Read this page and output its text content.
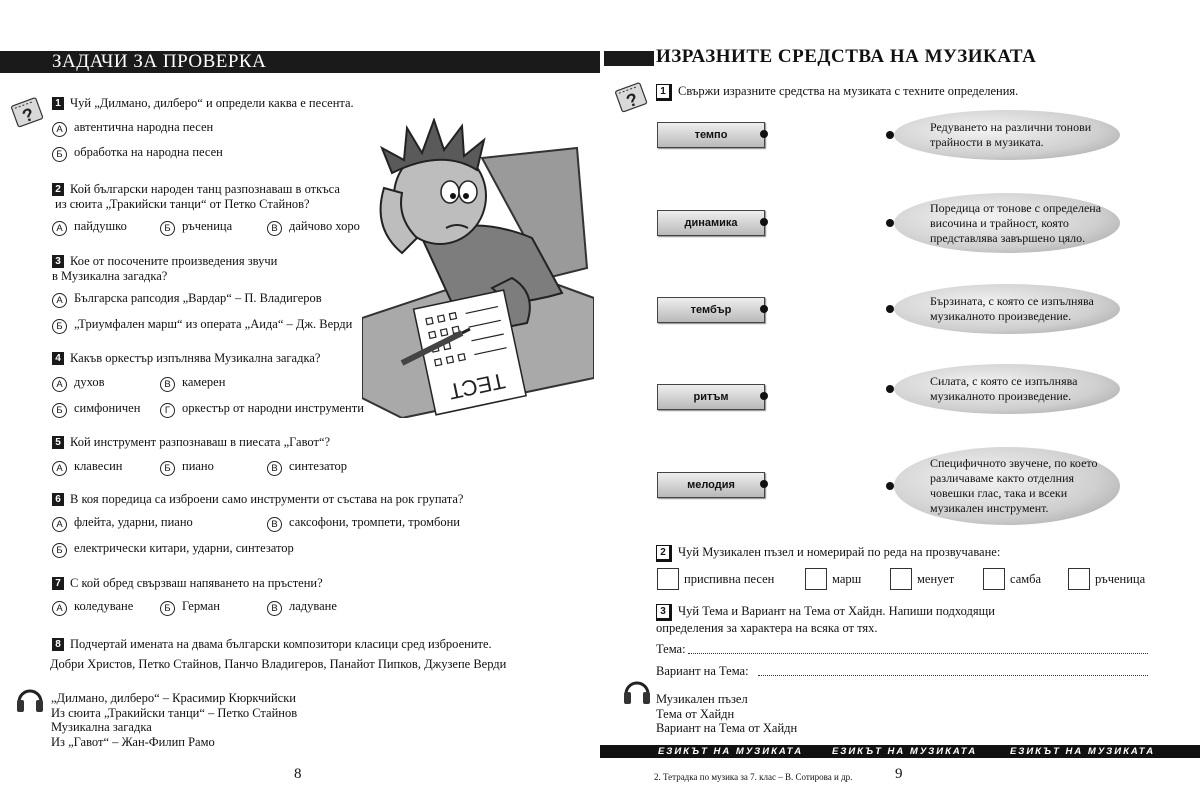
ЗАДАЧИ ЗА ПРОВЕРКА
?
1 Чуй „Дилмано, дилберо“ и определи каква е песента.
А автентична народна песен
Б обработка на народна песен
2 Кой български народен танц разпознаваш в откъса
из сюита „Тракийски танци“ от Петко Стайнов?
А пайдушко	Б ръченица	В дайчово хоро
3 Кое от посочените произведения звучи
в Музикална загадка?
А Българска рапсодия „Вардар“ – П. Владигеров
Б „Триумфален марш“ из операта „Аида“ – Дж. Верди
4 Какъв оркестър изпълнява Музикална загадка?
А духов	В камерен
Б симфоничен	Г оркестър от народни инструменти
5 Кой инструмент разпознаваш в пиесата „Гавот“?
А клавесин	Б пиано	В синтезатор
6 В коя поредица са изброени само инструменти от състава на рок групата?
А флейта, ударни, пиано	В саксофони, тромпети, тромбони
Б електрически китари, ударни, синтезатор
7 С кой обред свързваш напяването на пръстени?
А коледуване	Б Герман	В ладуване
8 Подчертай имената на двама български композитори класици сред изброените.
Добри Христов, Петко Стайнов, Панчо Владигеров, Панайот Пипков, Джузепе Верди
„Дилмано, дилберо“ – Красимир Кюркчийски
Из сюита „Тракийски танци“ – Петко Стайнов
Музикална загадка
Из „Гавот“ – Жан-Филип Рамо
8
ТЕСТ
ИЗРАЗНИТЕ СРЕДСТВА НА МУЗИКАТА
?	1 Свържи изразните средства на музиката с техните определения.
темпо
динамика
тембър
ритъм
мелодия
Редуването на различни тонови трайности в музиката.
Поредица от тонове с определена височина и трайност, която представлява завършено цяло.
Бързината, с която се изпълнява музикалното произведение.
Силата, с която се изпълнява музикалното произведение.
Специфичното звучене, по което различаваме както отделния човешки глас, така и всеки музикален инструмент.
2 Чуй Музикален пъзел и номерирай по реда на прозвучаване:
приспивна песен	марш	менует	самба	ръченица
3 Чуй Тема и Вариант на Тема от Хайдн. Напиши подходящи
определения за характера на всяка от тях.
Тема:
Вариант на Тема:
Музикален пъзел
Тема от Хайдн
Вариант на Тема от Хайдн
ЕЗИКЪТ НА МУЗИКАТА	ЕЗИКЪТ НА МУЗИКАТА	ЕЗИКЪТ НА МУЗИКАТА
2. Тетрадка по музика за 7. клас – В. Сотирова и др.	9
